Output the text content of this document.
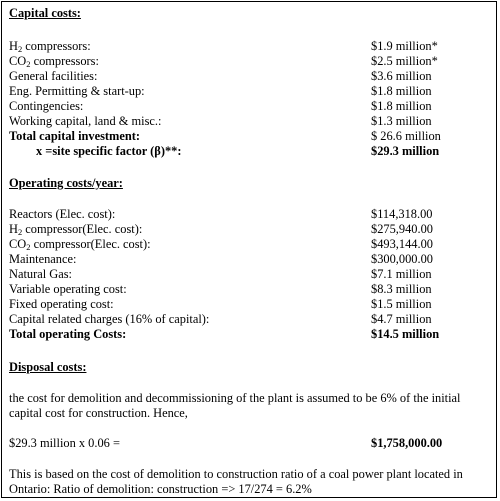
Capital costs:
$H_2$ compressors:	$1.9 million*
$CO_2$ compressors:	$2.5 million*
General facilities:	$3.6 million
Eng. Permitting & start-up:	$1.8 million
Contingencies:	$1.8 million
Working capital, land & misc.:	$1.3 million
Total capital investment:	$ 26.6 million
x =site specific factor (β)**:	$29.3 million
Operating costs/year:
Reactors (Elec. cost):	$114,318.00
$H_2$ compressor(Elec. cost):	$275,940.00
$CO_2$ compressor(Elec. cost):	$493,144.00
Maintenance:	$300,000.00
Natural Gas:	$7.1 million
Variable operating cost:	$8.3 million
Fixed operating cost:	$1.5 million
Capital related charges (16% of capital):	$4.7 million
Total operating Costs:	$14.5 million
Disposal costs:
the cost for demolition and decommissioning of the plant is assumed to be 6% of the initial capital cost for construction. Hence,
$29.3 million x 0.06 =	$1,758,000.00
This is based on the cost of demolition to construction ratio of a coal power plant located in Ontario: Ratio of demolition: construction => 17/274 = 6.2%
